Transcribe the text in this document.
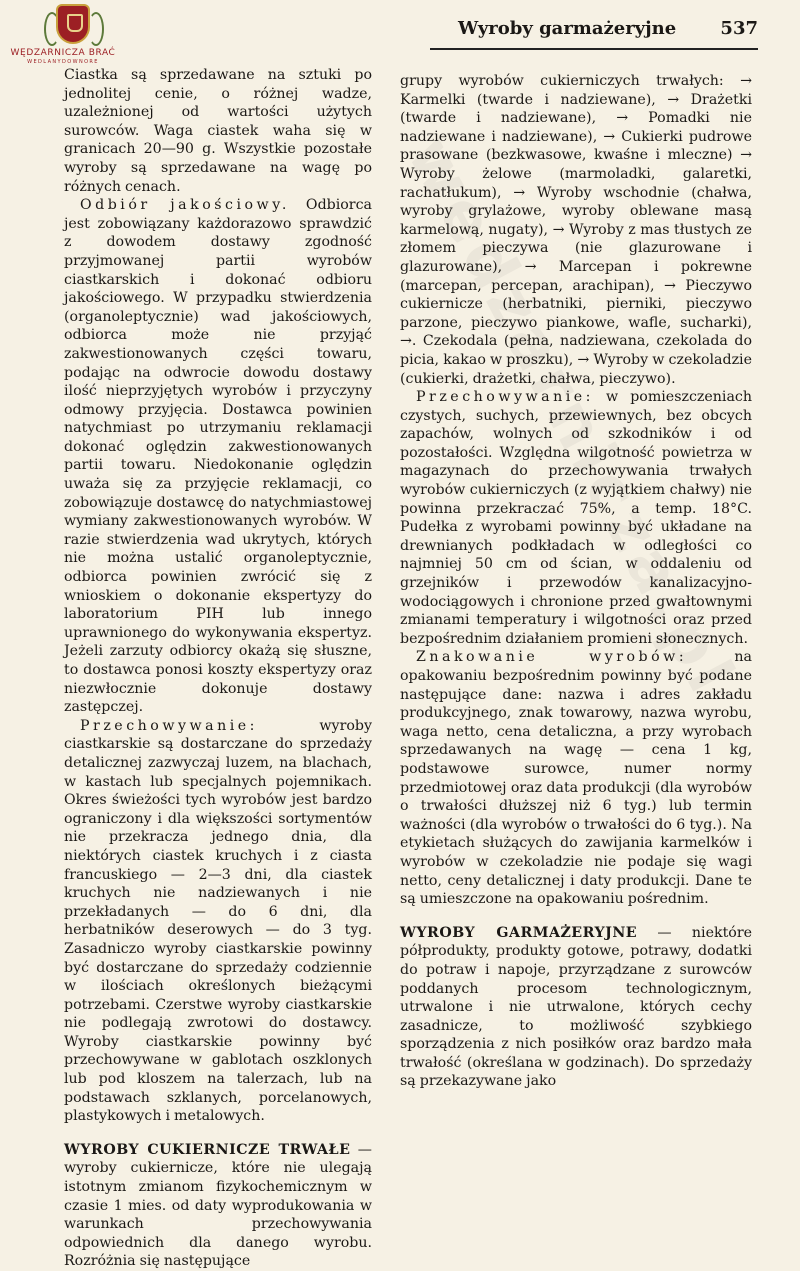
WĘDZARNICZA BRAĆ
WEDLANYDOWNORE
Wyroby garmażeryjne 537

Ciastka są sprzedawane na sztuki po jednolitej cenie, o różnej wadze, uzależnionej od wartości użytych surowców. Waga ciastek waha się w granicach 20—90 g. Wszystkie pozostałe wyroby są sprzedawane na wagę po różnych cenach.

Odbiór jakościowy. Odbiorca jest zobowiązany każdorazowo sprawdzić z dowodem dostawy zgodność przyjmowanej partii wyrobów ciastkarskich i dokonać odbioru jakościowego. W przypadku stwierdzenia (organoleptycznie) wad jakościowych, odbiorca może nie przyjąć zakwestionowanych części towaru, podając na odwrocie dowodu dostawy ilość nieprzyjętych wyrobów i przyczyny odmowy przyjęcia. Dostawca powinien natychmiast po utrzymaniu reklamacji dokonać oględzin zakwestionowanych partii towaru. Niedokonanie oględzin uważa się za przyjęcie reklamacji, co zobowiązuje dostawcę do natychmiastowej wymiany zakwestionowanych wyrobów. W razie stwierdzenia wad ukrytych, których nie można ustalić organoleptycznie, odbiorca powinien zwrócić się z wnioskiem o dokonanie ekspertyzy do laboratorium PIH lub innego uprawnionego do wykonywania ekspertyz. Jeżeli zarzuty odbiorcy okażą się słuszne, to dostawca ponosi koszty ekspertyzy oraz niezwłocznie dokonuje dostawy zastępczej.

Przechowywanie: wyroby ciastkarskie są dostarczane do sprzedaży detalicznej zazwyczaj luzem, na blachach, w kastach lub specjalnych pojemnikach. Okres świeżości tych wyrobów jest bardzo ograniczony i dla większości sortymentów nie przekracza jednego dnia, dla niektórych ciastek kruchych i z ciasta francuskiego — 2—3 dni, dla ciastek kruchych nie nadziewanych i nie przekładanych — do 6 dni, dla herbatników deserowych — do 3 tyg. Zasadniczo wyroby ciastkarskie powinny być dostarczane do sprzedaży codziennie w ilościach określonych bieżącymi potrzebami. Czerstwe wyroby ciastkarskie nie podlegają zwrotowi do dostawcy. Wyroby ciastkarskie powinny być przechowywane w gablotach oszklonych lub pod kloszem na talerzach, lub na podstawach szklanych, porcelanowych, plastykowych i metalowych.

WYROBY CUKIERNICZE TRWAŁE — wyroby cukiernicze, które nie ulegają istotnym zmianom fizykochemicznym w czasie 1 mies. od daty wyprodukowania w warunkach przechowywania odpowiednich dla danego wyrobu. Rozróżnia się następujące

grupy wyrobów cukierniczych trwałych: → Karmelki (twarde i nadziewane), → Drażetki (twarde i nadziewane), → Pomadki nie nadziewane i nadziewane), → Cukierki pudrowe prasowane (bezkwasowe, kwaśne i mleczne) → Wyroby żelowe (marmoladki, galaretki, rachatłukum), → Wyroby wschodnie (chałwa, wyroby grylażowe, wyroby oblewane masą karmelową, nugaty), → Wyroby z mas tłustych ze złomem pieczywa (nie glazurowane i glazurowane), → Marcepan i pokrewne (marcepan, percepan, arachipan), → Pieczywo cukiernicze (herbatniki, pierniki, pieczywo parzone, pieczywo piankowe, wafle, sucharki), →. Czekodala (pełna, nadziewana, czekolada do picia, kakao w proszku), → Wyroby w czekoladzie (cukierki, drażetki, chałwa, pieczywo).

Przechowywanie: w pomieszczeniach czystych, suchych, przewiewnych, bez obcych zapachów, wolnych od szkodników i od pozostałości. Względna wilgotność powietrza w magazynach do przechowywania trwałych wyrobów cukierniczych (z wyjątkiem chałwy) nie powinna przekraczać 75%, a temp. 18°C. Pudełka z wyrobami powinny być układane na drewnianych podkładach w odległości co najmniej 50 cm od ścian, w oddaleniu od grzejników i przewodów kanalizacyjno-wodociągowych i chronione przed gwałtownymi zmianami temperatury i wilgotności oraz przed bezpośrednim działaniem promieni słonecznych.

Znakowanie wyrobów: na opakowaniu bezpośrednim powinny być podane następujące dane: nazwa i adres zakładu produkcyjnego, znak towarowy, nazwa wyrobu, waga netto, cena detaliczna, a przy wyrobach sprzedawanych na wagę — cena 1 kg, podstawowe surowce, numer normy przedmiotowej oraz data produkcji (dla wyrobów o trwałości dłuższej niż 6 tyg.) lub termin ważności (dla wyrobów o trwałości do 6 tyg.). Na etykietach służących do zawijania karmelków i wyrobów w czekoladzie nie podaje się wagi netto, ceny detalicznej i daty produkcji. Dane te są umieszczone na opakowaniu pośrednim.

WYROBY GARMAŻERYJNE — niektóre półprodukty, produkty gotowe, potrawy, dodatki do potraw i napoje, przyrządzane z surowców poddanych procesom technologicznym, utrwalone i nie utrwalone, których cechy zasadnicze, to możliwość szybkiego sporządzenia z nich posiłków oraz bardzo mała trwałość (określana w godzinach). Do sprzedaży są przekazywane jako
